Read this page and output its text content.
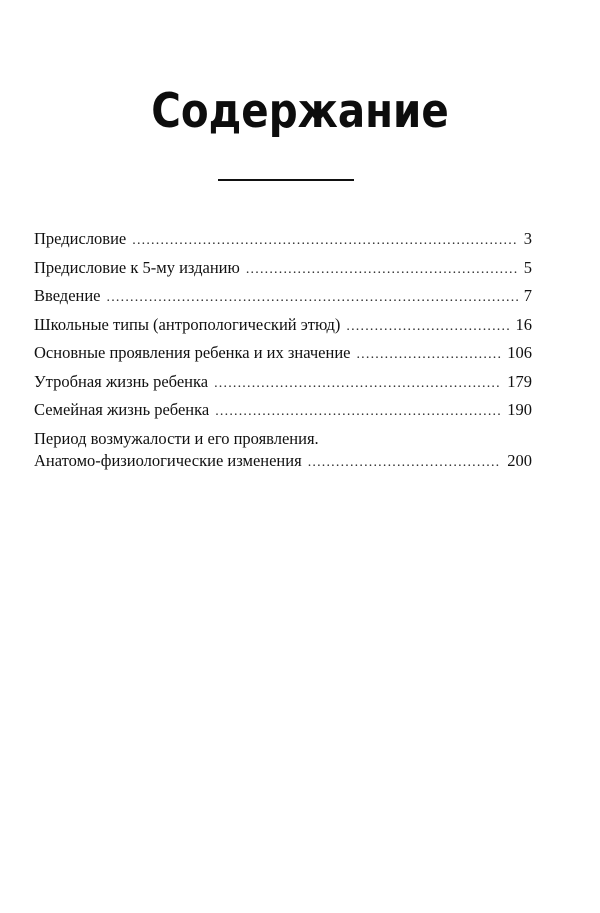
Содержание
Предисловие .....	3
Предисловие к 5-му изданию .....	5
Введение .....	7
Школьные типы (антропологический этюд) .....	16
Основные проявления ребенка и их значение .....	106
Утробная жизнь ребенка .....	179
Семейная жизнь ребенка .....	190
Период возмужалости и его проявления.
Анатомо-физиологические изменения .....	200
